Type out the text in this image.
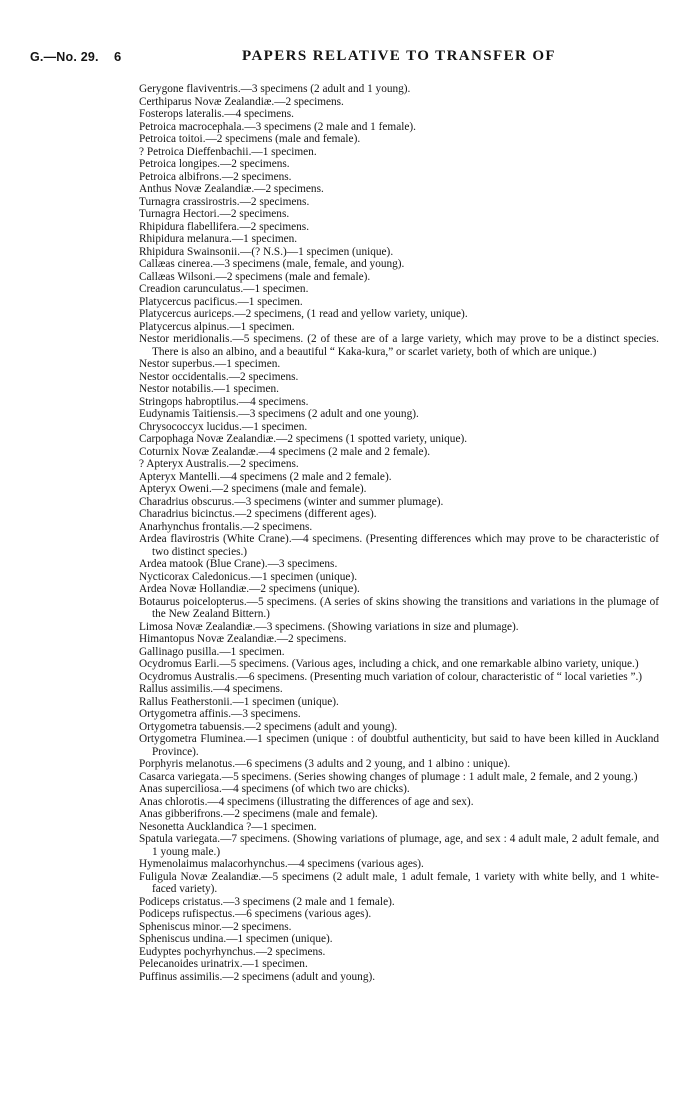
G.—No. 29. 6	PAPERS RELATIVE TO TRANSFER OF
Gerygone flaviventris.—3 specimens (2 adult and 1 young).
Certhiparus Novæ Zealandiæ.—2 specimens.
Fosterops lateralis.—4 specimens.
Petroica macrocephala.—3 specimens (2 male and 1 female).
Petroica toitoi.—2 specimens (male and female).
? Petroica Dieffenbachii.—1 specimen.
Petroica longipes.—2 specimens.
Petroica albifrons.—2 specimens.
Anthus Novæ Zealandiæ.—2 specimens.
Turnagra crassirostris.—2 specimens.
Turnagra Hectori.—2 specimens.
Rhipidura flabellifera.—2 specimens.
Rhipidura melanura.—1 specimen.
Rhipidura Swainsonii.—(? N.S.)—1 specimen (unique).
Callæas cinerea.—3 specimens (male, female, and young).
Callæas Wilsoni.—2 specimens (male and female).
Creadion carunculatus.—1 specimen.
Platycercus pacificus.—1 specimen.
Platycercus auriceps.—2 specimens, (1 read and yellow variety, unique).
Platycercus alpinus.—1 specimen.
Nestor meridionalis.—5 specimens. (2 of these are of a large variety, which may prove to be a distinct species. There is also an albino, and a beautiful “ Kaka-kura,” or scarlet variety, both of which are unique.)
Nestor superbus.—1 specimen.
Nestor occidentalis.—2 specimens.
Nestor notabilis.—1 specimen.
Stringops habroptilus.—4 specimens.
Eudynamis Taitiensis.—3 specimens (2 adult and one young).
Chrysococcyx lucidus.—1 specimen.
Carpophaga Novæ Zealandiæ.—2 specimens (1 spotted variety, unique).
Coturnix Novæ Zealandæ.—4 specimens (2 male and 2 female).
? Apteryx Australis.—2 specimens.
Apteryx Mantelli.—4 specimens (2 male and 2 female).
Apteryx Oweni.—2 specimens (male and female).
Charadrius obscurus.—3 specimens (winter and summer plumage).
Charadrius bicinctus.—2 specimens (different ages).
Anarhynchus frontalis.—2 specimens.
Ardea flavirostris (White Crane).—4 specimens. (Presenting differences which may prove to be characteristic of two distinct species.)
Ardea matook (Blue Crane).—3 specimens.
Nycticorax Caledonicus.—1 specimen (unique).
Ardea Novæ Hollandiæ.—2 specimens (unique).
Botaurus poicelopterus.—5 specimens. (A series of skins showing the transitions and variations in the plumage of the New Zealand Bittern.)
Limosa Novæ Zealandiæ.—3 specimens. (Showing variations in size and plumage).
Himantopus Novæ Zealandiæ.—2 specimens.
Gallinago pusilla.—1 specimen.
Ocydromus Earli.—5 specimens. (Various ages, including a chick, and one remarkable albino variety, unique.)
Ocydromus Australis.—6 specimens. (Presenting much variation of colour, characteristic of “ local varieties ”.)
Rallus assimilis.—4 specimens.
Rallus Featherstonii.—1 specimen (unique).
Ortygometra affinis.—3 specimens.
Ortygometra tabuensis.—2 specimens (adult and young).
Ortygometra Fluminea.—1 specimen (unique : of doubtful authenticity, but said to have been killed in Auckland Province).
Porphyris melanotus.—6 specimens (3 adults and 2 young, and 1 albino : unique).
Casarca variegata.—5 specimens. (Series showing changes of plumage : 1 adult male, 2 female, and 2 young.)
Anas superciliosa.—4 specimens (of which two are chicks).
Anas chlorotis.—4 specimens (illustrating the differences of age and sex).
Anas gibberifrons.—2 specimens (male and female).
Nesonetta Aucklandica ?—1 specimen.
Spatula variegata.—7 specimens. (Showing variations of plumage, age, and sex : 4 adult male, 2 adult female, and 1 young male.)
Hymenolaimus malacorhynchus.—4 specimens (various ages).
Fuligula Novæ Zealandiæ.—5 specimens (2 adult male, 1 adult female, 1 variety with white belly, and 1 white-faced variety).
Podiceps cristatus.—3 specimens (2 male and 1 female).
Podiceps rufispectus.—6 specimens (various ages).
Spheniscus minor.—2 specimens.
Spheniscus undina.—1 specimen (unique).
Eudyptes pochyrhynchus.—2 specimens.
Pelecanoides urinatrix.—1 specimen.
Puffinus assimilis.—2 specimens (adult and young).
